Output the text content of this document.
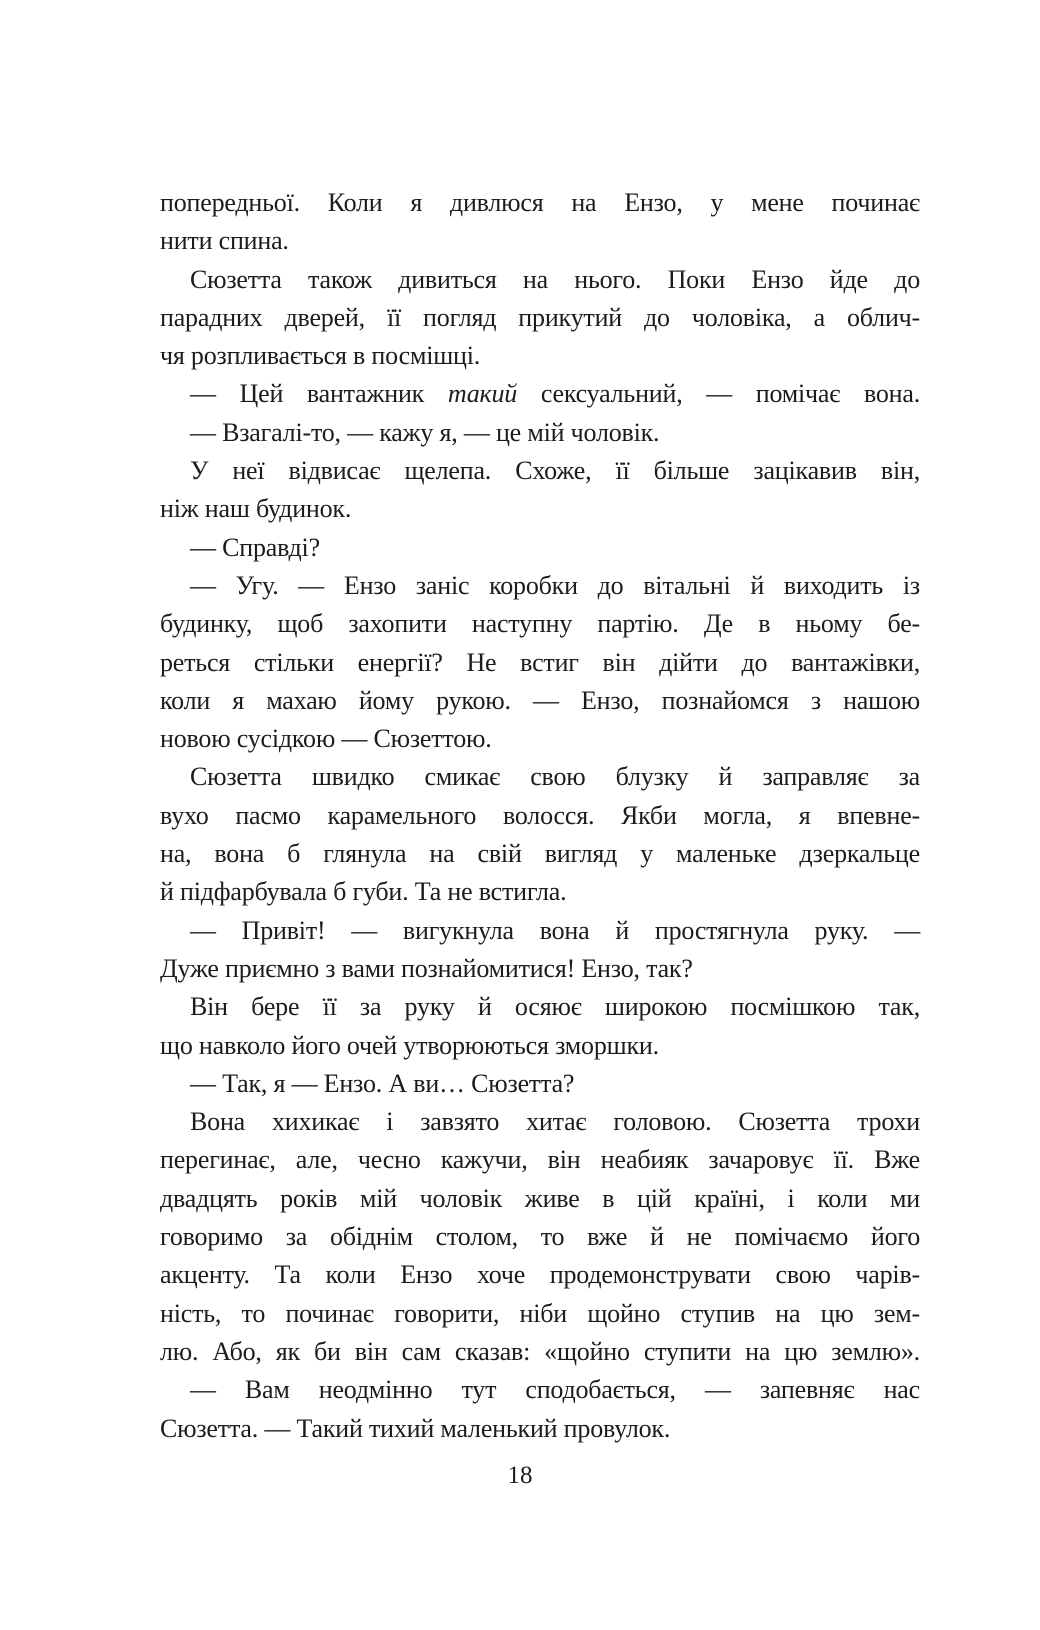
попередньої. Коли я дивлюся на Ензо, у мене починає
нити спина.
Сюзетта також дивиться на нього. Поки Ензо йде до
парадних дверей, її погляд прикутий до чоловіка, а облич-
чя розпливається в посмішці.
— Цей вантажник такий сексуальний, — помічає вона.
— Взагалі-то, — кажу я, — це мій чоловік.
У неї відвисає щелепа. Схоже, її більше зацікавив він,
ніж наш будинок.
— Справді?
— Угу. — Ензо заніс коробки до вітальні й виходить із
будинку, щоб захопити наступну партію. Де в ньому бе-
реться стільки енергії? Не встиг він дійти до вантажівки,
коли я махаю йому рукою. — Ензо, познайомся з нашою
новою сусідкою — Сюзеттою.
Сюзетта швидко смикає свою блузку й заправляє за
вухо пасмо карамельного волосся. Якби могла, я впевне-
на, вона б глянула на свій вигляд у маленьке дзеркальце
й підфарбувала б губи. Та не встигла.
— Привіт! — вигукнула вона й простягнула руку. —
Дуже приємно з вами познайомитися! Ензо, так?
Він бере її за руку й осяює широкою посмішкою так,
що навколо його очей утворюються зморшки.
— Так, я — Ензо. А ви… Сюзетта?
Вона хихикає і завзято хитає головою. Сюзетта трохи
перегинає, але, чесно кажучи, він неабияк зачаровує її. Вже
двадцять років мій чоловік живе в цій країні, і коли ми
говоримо за обіднім столом, то вже й не помічаємо його
акценту. Та коли Ензо хоче продемонструвати свою чарів-
ність, то починає говорити, ніби щойно ступив на цю зем-
лю. Або, як би він сам сказав: «щойно ступити на цю землю».
— Вам неодмінно тут сподобається, — запевняє нас
Сюзетта. — Такий тихий маленький провулок.
18
